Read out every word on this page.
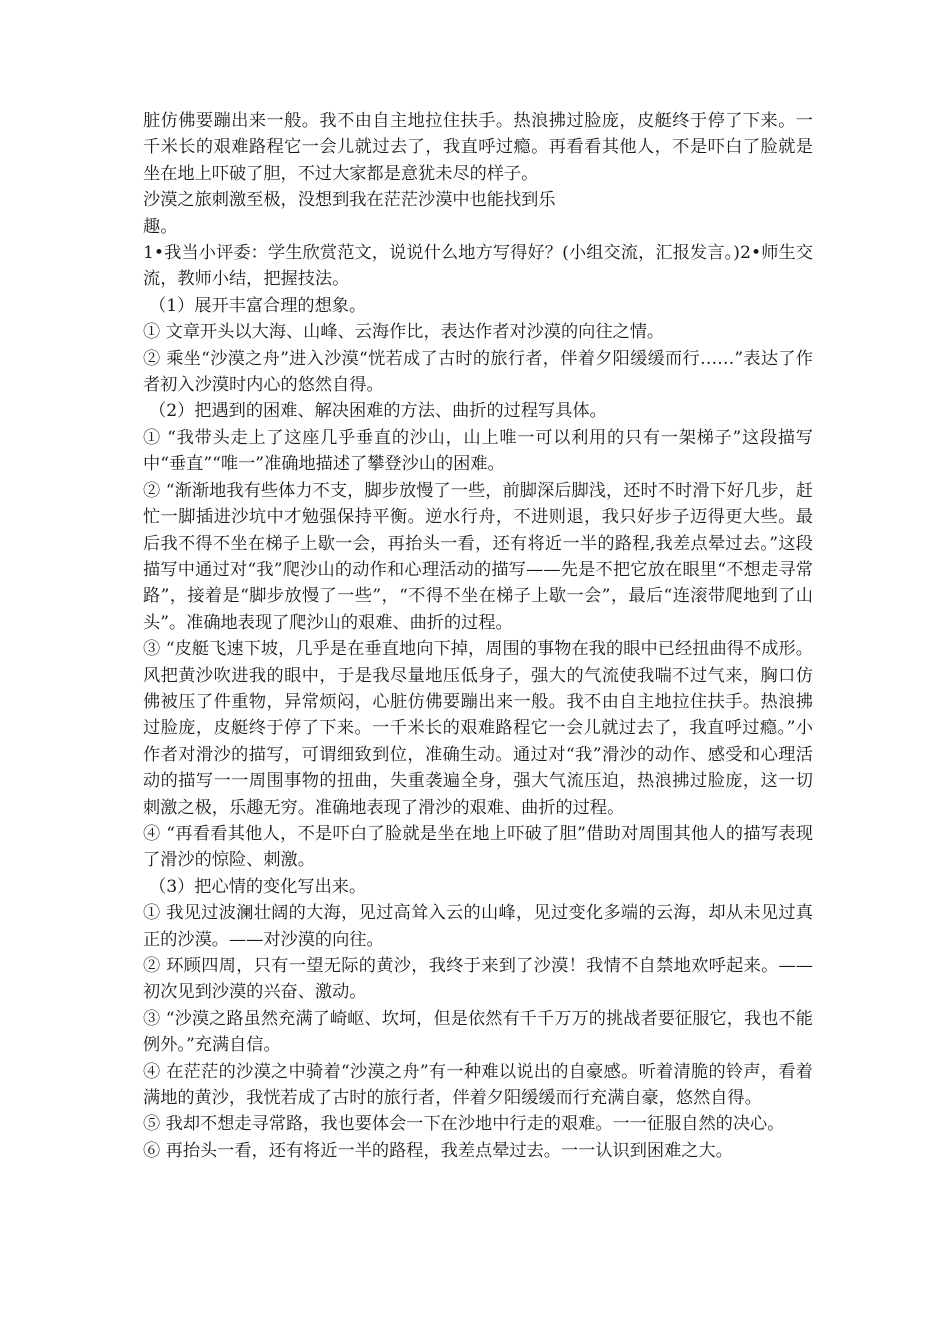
脏仿佛要蹦出来一般。我不由自主地拉住扶手。热浪拂过脸庞，皮艇终于停了下来。一千米长的艰难路程它一会儿就过去了，我直呼过瘾。再看看其他人，不是吓白了脸就是坐在地上吓破了胆，不过大家都是意犹未尽的样子。

沙漠之旅刺激至极，没想到我在茫茫沙漠中也能找到乐

趣。

1•我当小评委：学生欣赏范文，说说什么地方写得好？(小组交流，汇报发言。)2•师生交流，教师小结，把握技法。

（1）展开丰富合理的想象。

① 文章开头以大海、山峰、云海作比，表达作者对沙漠的向往之情。

② 乘坐“沙漠之舟”进入沙漠“恍若成了古时的旅行者，伴着夕阳缓缓而行……”表达了作者初入沙漠时内心的悠然自得。

（2）把遇到的困难、解决困难的方法、曲折的过程写具体。

① “我带头走上了这座几乎垂直的沙山，山上唯一可以利用的只有一架梯子”这段描写中“垂直”“唯一”准确地描述了攀登沙山的困难。

② “渐渐地我有些体力不支，脚步放慢了一些，前脚深后脚浅，还时不时滑下好几步，赶忙一脚插进沙坑中才勉强保持平衡。逆水行舟，不进则退，我只好步子迈得更大些。最后我不得不坐在梯子上歇一会，再抬头一看，还有将近一半的路程,我差点晕过去。”这段描写中通过对“我”爬沙山的动作和心理活动的描写——先是不把它放在眼里“不想走寻常路”，接着是“脚步放慢了一些”，“不得不坐在梯子上歇一会”，最后“连滚带爬地到了山头”。准确地表现了爬沙山的艰难、曲折的过程。

③ “皮艇飞速下坡，几乎是在垂直地向下掉，周围的事物在我的眼中已经扭曲得不成形。风把黄沙吹进我的眼中，于是我尽量地压低身子，强大的气流使我喘不过气来，胸口仿佛被压了件重物，异常烦闷，心脏仿佛要蹦出来一般。我不由自主地拉住扶手。热浪拂过脸庞，皮艇终于停了下来。一千米长的艰难路程它一会儿就过去了，我直呼过瘾。”小作者对滑沙的描写，可谓细致到位，准确生动。通过对“我”滑沙的动作、感受和心理活动的描写一一周围事物的扭曲，失重袭遍全身，强大气流压迫，热浪拂过脸庞，这一切刺激之极，乐趣无穷。准确地表现了滑沙的艰难、曲折的过程。

④ “再看看其他人，不是吓白了脸就是坐在地上吓破了胆”借助对周围其他人的描写表现了滑沙的惊险、刺激。

（3）把心情的变化写出来。

① 我见过波澜壮阔的大海，见过高耸入云的山峰，见过变化多端的云海，却从未见过真正的沙漠。——对沙漠的向往。

② 环顾四周，只有一望无际的黄沙，我终于来到了沙漠！我情不自禁地欢呼起来。——初次见到沙漠的兴奋、激动。

③ “沙漠之路虽然充满了崎岖、坎坷，但是依然有千千万万的挑战者要征服它，我也不能例外。”充满自信。

④ 在茫茫的沙漠之中骑着“沙漠之舟”有一种难以说出的自豪感。听着清脆的铃声，看着满地的黄沙，我恍若成了古时的旅行者，伴着夕阳缓缓而行充满自豪，悠然自得。

⑤ 我却不想走寻常路，我也要体会一下在沙地中行走的艰难。一一征服自然的决心。

⑥ 再抬头一看，还有将近一半的路程，我差点晕过去。一一认识到困难之大。
